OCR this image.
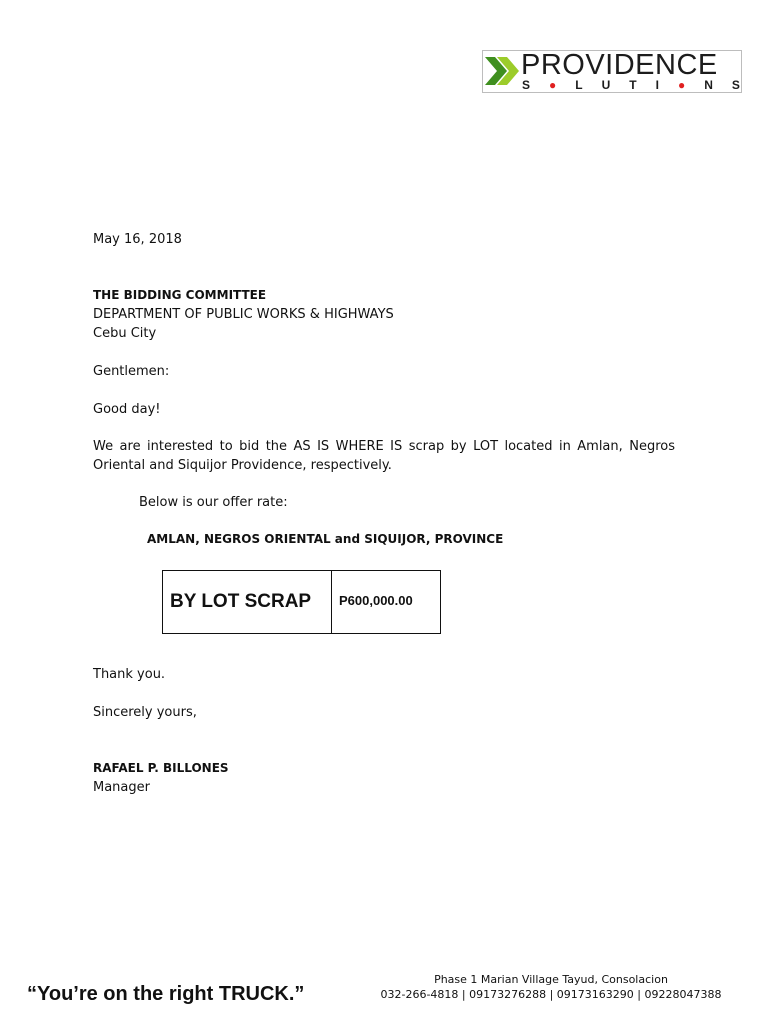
PROVIDENCE
S ● L U T I ● N S
May 16, 2018
THE BIDDING COMMITTEE
DEPARTMENT OF PUBLIC WORKS & HIGHWAYS
Cebu City
Gentlemen:
Good day!
We are interested to bid the AS IS WHERE IS scrap by LOT located in Amlan, Negros Oriental and Siquijor Providence, respectively.
Below is our offer rate:
AMLAN, NEGROS ORIENTAL and SIQUIJOR, PROVINCE
BY LOT SCRAP	P600,000.00
Thank you.
Sincerely yours,
RAFAEL P. BILLONES
Manager
“You’re on the right TRUCK.”
Phase 1 Marian Village Tayud, Consolacion
032-266-4818 | 09173276288 | 09173163290 | 09228047388
